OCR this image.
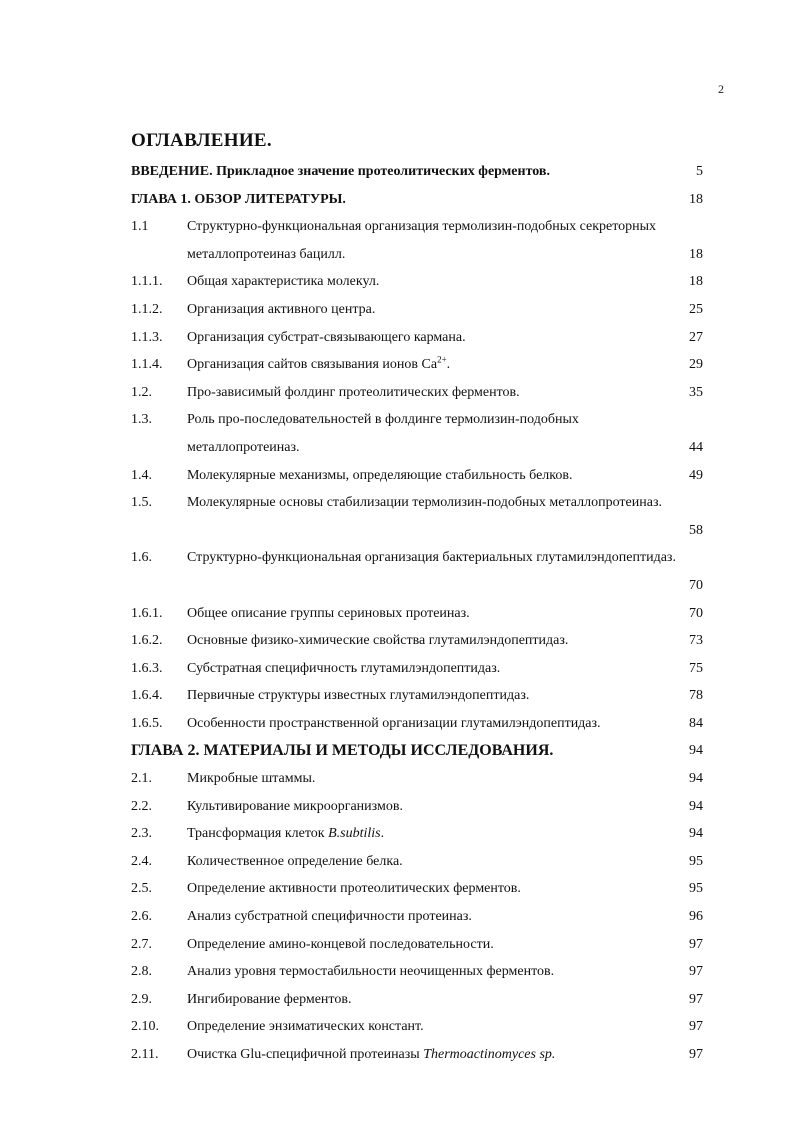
2
ОГЛАВЛЕНИЕ.
ВВЕДЕНИЕ. Прикладное значение протеолитических ферментов.	5
ГЛАВА 1. ОБЗОР ЛИТЕРАТУРЫ.	18
1.1	Структурно-функциональная организация термолизин-подобных секреторных металлопротеиназ бацилл.	18
1.1.1. Общая характеристика молекул.	18
1.1.2. Организация активного центра.	25
1.1.3. Организация субстрат-связывающего кармана.	27
1.1.4. Организация сайтов связывания ионов $Ca^{2+}$.	29
1.2.	Про-зависимый фолдинг протеолитических ферментов.	35
1.3.	Роль про-последовательностей в фолдинге термолизин-подобных металлопротеиназ.	44
1.4.	Молекулярные механизмы, определяющие стабильность белков.	49
1.5.	Молекулярные основы стабилизации термолизин-подобных металлопротеиназ.
58
1.6.	Структурно-функциональная организация бактериальных глутамилэндопептидаз.
70
1.6.1. Общее описание группы сериновых протеиназ.	70
1.6.2. Основные физико-химические свойства глутамилэндопептидаз.	73
1.6.3. Субстратная специфичность глутамилэндопептидаз.	75
1.6.4. Первичные структуры известных глутамилэндопептидаз.	78
1.6.5. Особенности пространственной организации глутамилэндопептидаз.	84
ГЛАВА 2. МАТЕРИАЛЫ И МЕТОДЫ ИССЛЕДОВАНИЯ.	94
2.1.	Микробные штаммы.	94
2.2.	Культивирование микроорганизмов.	94
2.3.	Трансформация клеток B.subtilis.	94
2.4.	Количественное определение белка.	95
2.5.	Определение активности протеолитических ферментов.	95
2.6.	Анализ субстратной специфичности протеиназ.	96
2.7.	Определение амино-концевой последовательности.	97
2.8.	Анализ уровня термостабильности неочищенных ферментов.	97
2.9.	Ингибирование ферментов.	97
2.10. Определение энзиматических констант.	97
2.11. Очистка Glu-специфичной протеиназы Thermoactinomyces sp.	97
